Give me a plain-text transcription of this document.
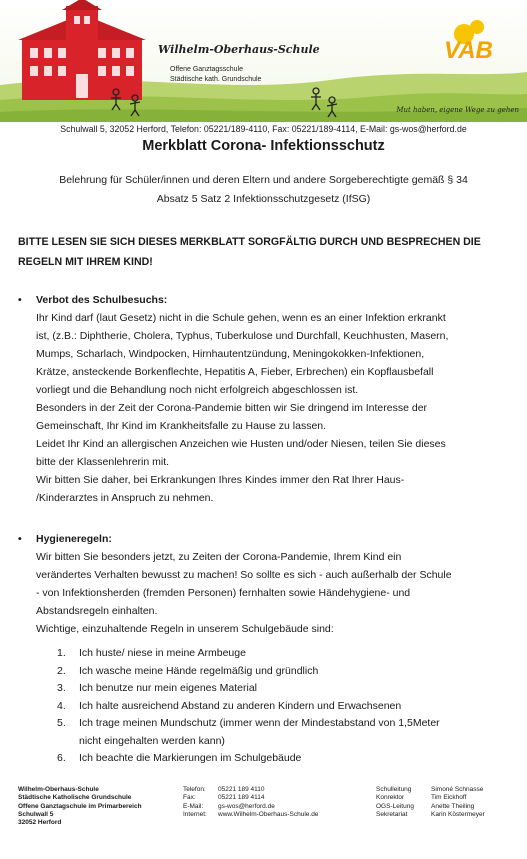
VAB
Wilhelm-Oberhaus-Schule
Offene Ganztagsschule
Städtische kath. Grundschule
Mut haben, eigene Wege zu gehen
Schulwall 5, 32052 Herford, Telefon: 05221/189-4110, Fax: 05221/189-4114, E-Mail: gs-wos@herford.de
Merkblatt Corona- Infektionsschutz
Belehrung für Schüler/innen und deren Eltern und andere Sorgeberechtigte gemäß § 34
Absatz 5 Satz 2 Infektionsschutzgesetz (IfSG)
BITTE LESEN SIE SICH DIESES MERKBLATT SORGFÄLTIG DURCH UND BESPRECHEN DIE
REGELN MIT IHREM KIND!
• Verbot des Schulbesuchs:
Ihr Kind darf (laut Gesetz) nicht in die Schule gehen, wenn es an einer Infektion erkrankt
ist, (z.B.: Diphtherie, Cholera, Typhus, Tuberkulose und Durchfall, Keuchhusten, Masern,
Mumps, Scharlach, Windpocken, Hirnhautentzündung, Meningokokken-Infektionen,
Krätze, ansteckende Borkenflechte, Hepatitis A, Fieber, Erbrechen) ein Kopflausbefall
vorliegt und die Behandlung noch nicht erfolgreich abgeschlossen ist.
Besonders in der Zeit der Corona-Pandemie bitten wir Sie dringend im Interesse der
Gemeinschaft, Ihr Kind im Krankheitsfalle zu Hause zu lassen.
Leidet Ihr Kind an allergischen Anzeichen wie Husten und/oder Niesen, teilen Sie dieses
bitte der Klassenlehrerin mit.
Wir bitten Sie daher, bei Erkrankungen Ihres Kindes immer den Rat Ihrer Haus-
/Kinderarztes in Anspruch zu nehmen.
• Hygieneregeln:
Wir bitten Sie besonders jetzt, zu Zeiten der Corona-Pandemie, Ihrem Kind ein
verändertes Verhalten bewusst zu machen! So sollte es sich - auch außerhalb der Schule
- von Infektionsherden (fremden Personen) fernhalten sowie Händehygiene- und
Abstandsregeln einhalten.
Wichtige, einzuhaltende Regeln in unserem Schulgebäude sind:
1. Ich huste/ niese in meine Armbeuge
2. Ich wasche meine Hände regelmäßig und gründlich
3. Ich benutze nur mein eigenes Material
4. Ich halte ausreichend Abstand zu anderen Kindern und Erwachsenen
5. Ich trage meinen Mundschutz (immer wenn der Mindestabstand von 1,5Meter
nicht eingehalten werden kann)
6. Ich beachte die Markierungen im Schulgebäude
Wilhelm-Oberhaus-Schule
Städtische Katholische Grundschule
Offene Ganztagschule im Primarbereich
Schulwall 5
32052 Herford
Telefon:
Fax:
E-Mail:
Internet:
05221 189 4110
05221 189 4114
gs-wos@herford.de
www.Wilhelm-Oberhaus-Schule.de
Schulleitung
Konrektor
OGS-Leitung
Sekretariat
Simoné Schnasse
Tim Eickhoff
Anette Theiling
Karin Köstermeyer
